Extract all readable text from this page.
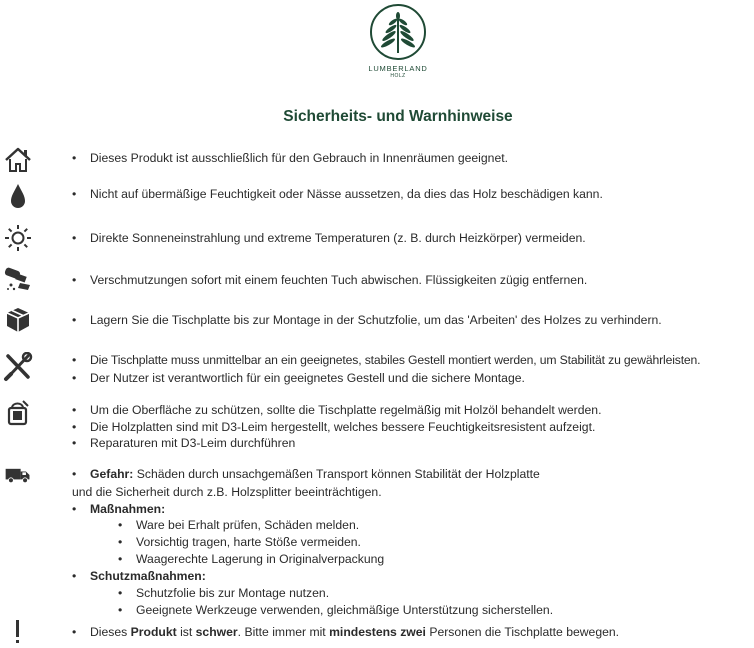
LUMBERLAND
HOLZ
Sicherheits- und Warnhinweise
• Dieses Produkt ist ausschließlich für den Gebrauch in Innenräumen geeignet.
• Nicht auf übermäßige Feuchtigkeit oder Nässe aussetzen, da dies das Holz beschädigen kann.
• Direkte Sonneneinstrahlung und extreme Temperaturen (z. B. durch Heizkörper) vermeiden.
• Verschmutzungen sofort mit einem feuchten Tuch abwischen. Flüssigkeiten zügig entfernen.
• Lagern Sie die Tischplatte bis zur Montage in der Schutzfolie, um das 'Arbeiten' des Holzes zu verhindern.
• Die Tischplatte muss unmittelbar an ein geeignetes, stabiles Gestell montiert werden, um Stabilität zu gewährleisten.
• Der Nutzer ist verantwortlich für ein geeignetes Gestell und die sichere Montage.
• Um die Oberfläche zu schützen, sollte die Tischplatte regelmäßig mit Holzöl behandelt werden.
• Die Holzplatten sind mit D3-Leim hergestellt, welches bessere Feuchtigkeitsresistent aufzeigt.
• Reparaturen mit D3-Leim durchführen
• Gefahr: Schäden durch unsachgemäßen Transport können Stabilität der Holzplatte
und die Sicherheit durch z.B. Holzsplitter beeinträchtigen.
• Maßnahmen:
• Ware bei Erhalt prüfen, Schäden melden.
• Vorsichtig tragen, harte Stöße vermeiden.
• Waagerechte Lagerung in Originalverpackung
• Schutzmaßnahmen:
• Schutzfolie bis zur Montage nutzen.
• Geeignete Werkzeuge verwenden, gleichmäßige Unterstützung sicherstellen.
• Dieses Produkt ist schwer. Bitte immer mit mindestens zwei Personen die Tischplatte bewegen.
